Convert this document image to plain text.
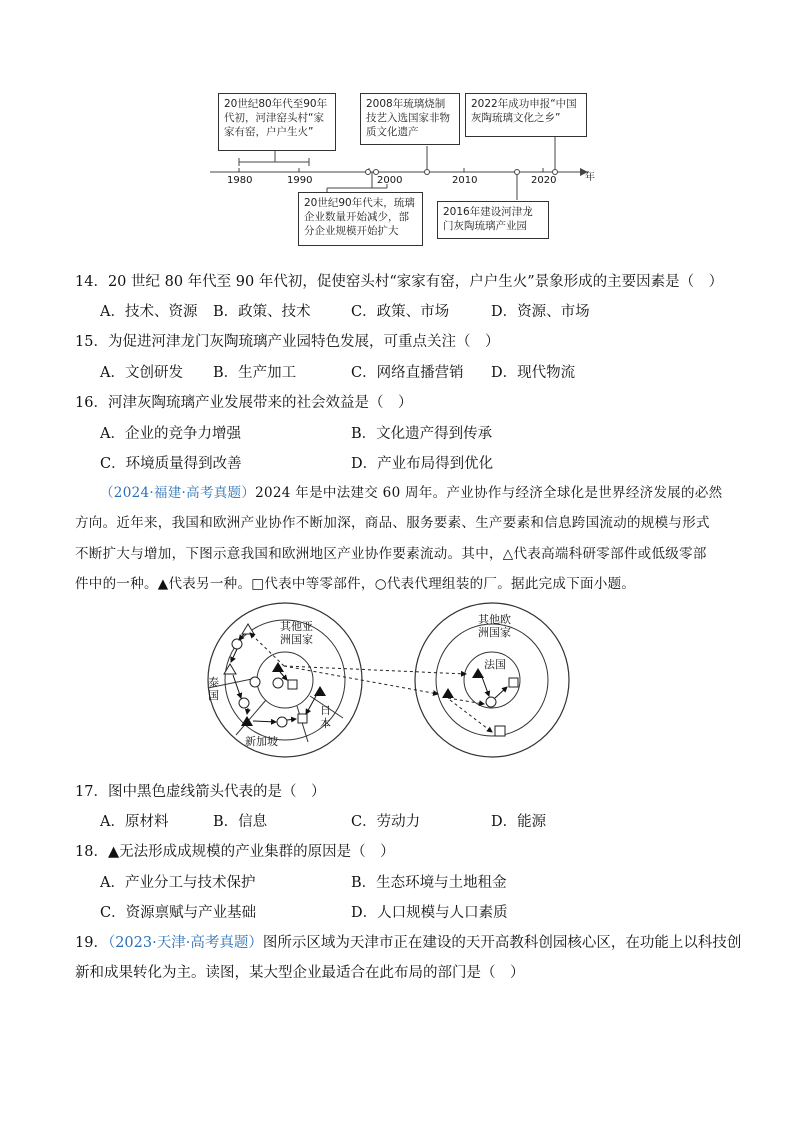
20世纪80年代至90年代初，河津窑头村“家家有窑，户户生火”
2008年琉璃烧制技艺入选国家非物质文化遗产
2022年成功申报“中国灰陶琉璃文化之乡”
20世纪90年代末，琉璃企业数量开始减少，部分企业规模开始扩大
2016年建设河津龙门灰陶琉璃产业园
1980	1990	2000	2010	2020	年
14．20 世纪 80 年代至 90 年代初，促使窑头村“家家有窑，户户生火”景象形成的主要因素是（　）
A．技术、资源 B．政策、技术	C．政策、市场	D．资源、市场
15．为促进河津龙门灰陶琉璃产业园特色发展，可重点关注（　）
A．文创研发 B．生产加工	C．网络直播营销 D．现代物流
16．河津灰陶琉璃产业发展带来的社会效益是（　）
A．企业的竞争力增强	B．文化遗产得到传承
C．环境质量得到改善	D．产业布局得到优化
（2024·福建·高考真题）2024 年是中法建交 60 周年。产业协作与经济全球化是世界经济发展的必然
方向。近年来，我国和欧洲产业协作不断加深，商品、服务要素、生产要素和信息跨国流动的规模与形式
不断扩大与增加，下图示意我国和欧洲地区产业协作要素流动。其中，△代表高端科研零部件或低级零部
件中的一种。▲代表另一种。□代表中等零部件，○代表代理组装的厂。据此完成下面小题。
其他亚洲国家
泰国
新加坡
日本
其他欧洲国家
法国
17．图中黑色虚线箭头代表的是（　）
A．原材料	B．信息	C．劳动力	D．能源
18．▲无法形成成规模的产业集群的原因是（　）
A．产业分工与技术保护	B．生态环境与土地租金
C．资源禀赋与产业基础	D．人口规模与人口素质
19．（2023·天津·高考真题）图所示区域为天津市正在建设的天开高教科创园核心区，在功能上以科技创
新和成果转化为主。读图，某大型企业最适合在此布局的部门是（　）
